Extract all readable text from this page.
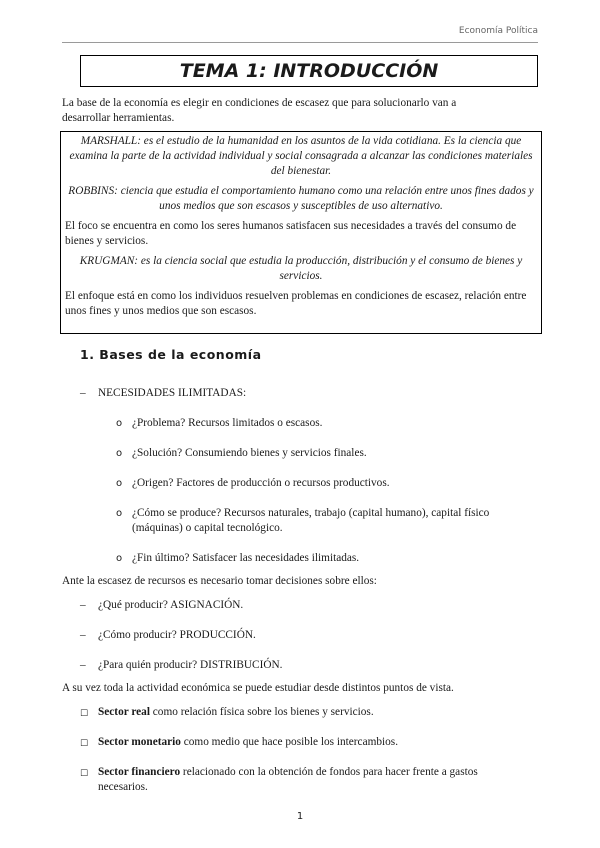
Economía Política
TEMA 1: INTRODUCCIÓN
La base de la economía es elegir en condiciones de escasez que para solucionarlo van a desarrollar herramientas.

MARSHALL: es el estudio de la humanidad en los asuntos de la vida cotidiana. Es la ciencia que examina la parte de la actividad individual y social consagrada a alcanzar las condiciones materiales del bienestar.

ROBBINS: ciencia que estudia el comportamiento humano como una relación entre unos fines dados y unos medios que son escasos y susceptibles de uso alternativo.

El foco se encuentra en como los seres humanos satisfacen sus necesidades a través del consumo de bienes y servicios.

KRUGMAN: es la ciencia social que estudia la producción, distribución y el consumo de bienes y servicios.

El enfoque está en como los individuos resuelven problemas en condiciones de escasez, relación entre unos fines y unos medios que son escasos.

1. Bases de la economía
– NECESIDADES ILIMITADAS:
o ¿Problema? Recursos limitados o escasos.
o ¿Solución? Consumiendo bienes y servicios finales.
o ¿Origen? Factores de producción o recursos productivos.
o ¿Cómo se produce? Recursos naturales, trabajo (capital humano), capital físico (máquinas) o capital tecnológico.
o ¿Fin último? Satisfacer las necesidades ilimitadas.
Ante la escasez de recursos es necesario tomar decisiones sobre ellos:
– ¿Qué producir? ASIGNACIÓN.
– ¿Cómo producir? PRODUCCIÓN.
– ¿Para quién producir? DISTRIBUCIÓN.
A su vez toda la actividad económica se puede estudiar desde distintos puntos de vista.
☐ Sector real como relación física sobre los bienes y servicios.
☐ Sector monetario como medio que hace posible los intercambios.
☐ Sector financiero relacionado con la obtención de fondos para hacer frente a gastos necesarios.
1
